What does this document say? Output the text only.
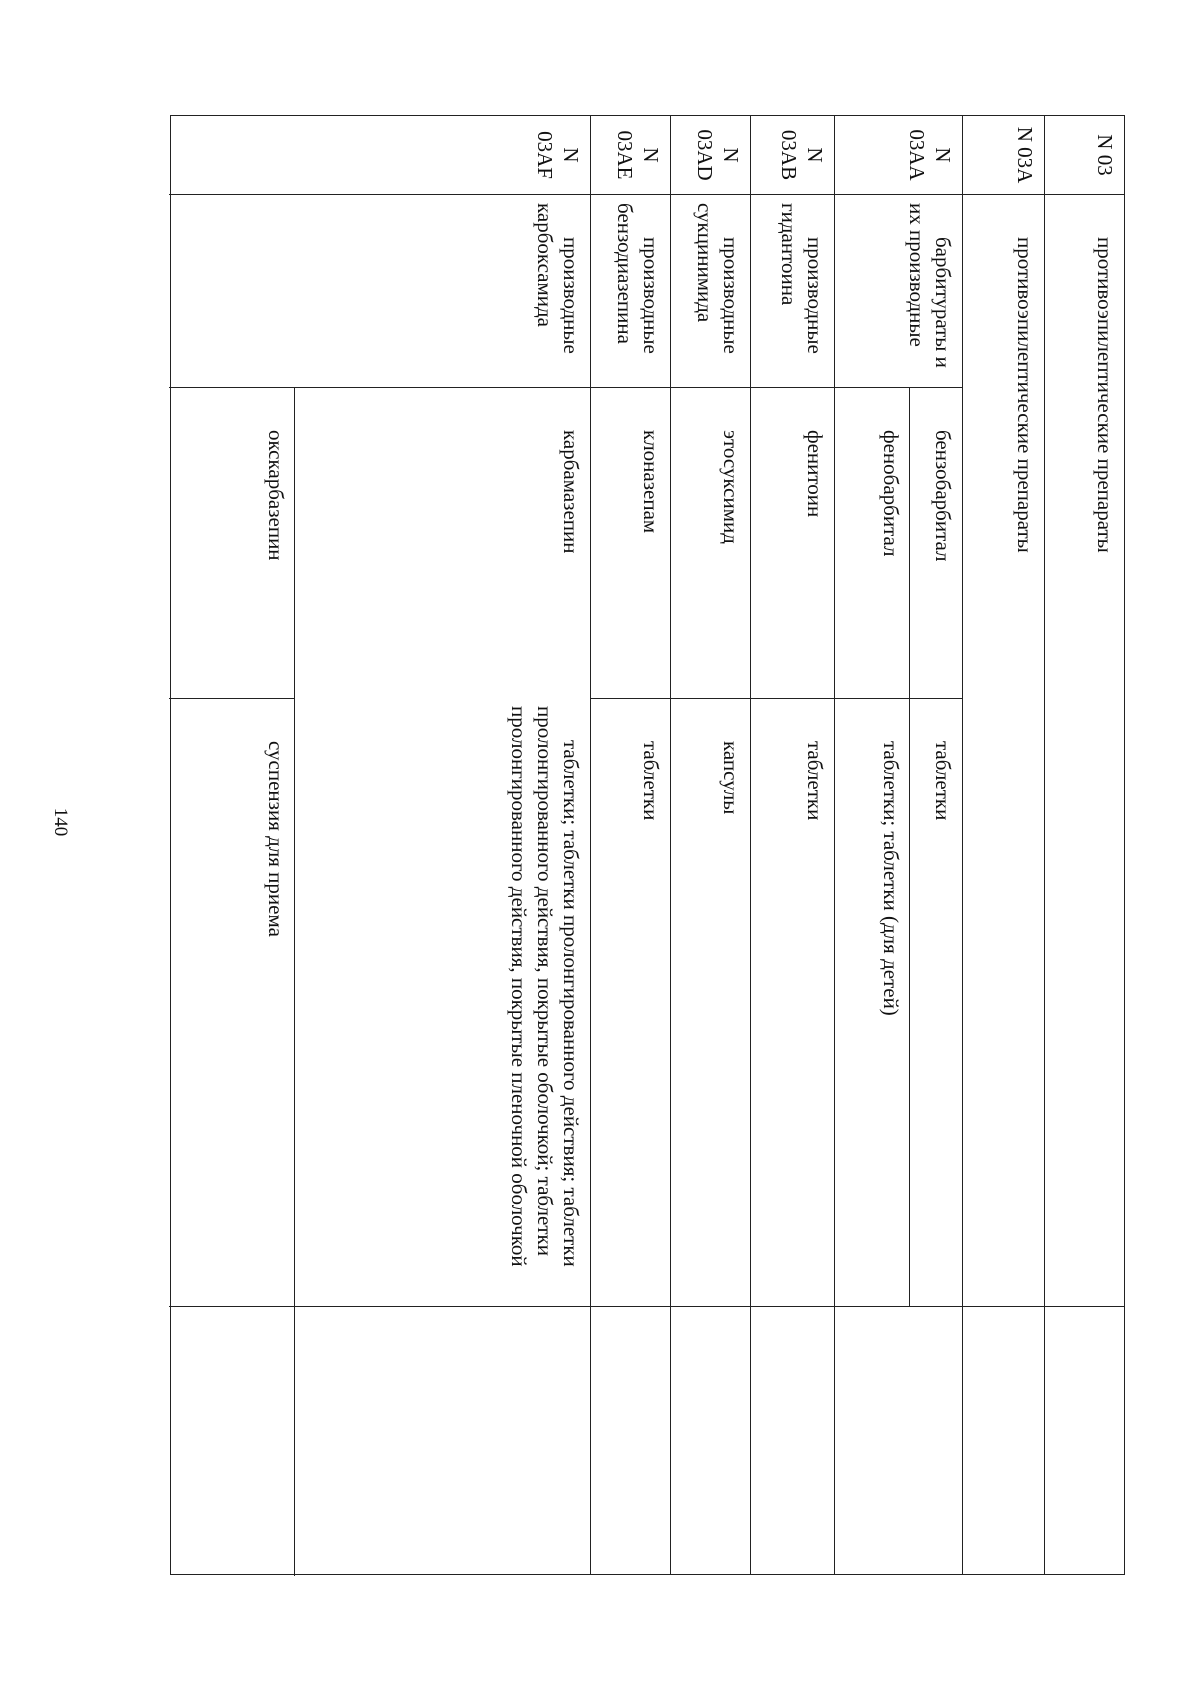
140
N 03
противоэпилептические препараты
N 03A
противоэпилептические препараты
N 03AA
барбитураты и их производные
бензобарбитал
таблетки
фенобарбитал
таблетки; таблетки (для детей)
N 03AB
производные гидантоина
фенитоин
таблетки
N 03AD
производные сукцинимида
этосуксимид
капсулы
N 03AE
производные бензодиазепина
клоназепам
таблетки
N 03AF
производные карбоксамида
карбамазепин
таблетки; таблетки пролонгированного действия; таблетки пролонгированного действия, покрытые оболочкой; таблетки пролонгированного действия, покрытые пленочной оболочкой
окскарбазепин
суспензия для приема
